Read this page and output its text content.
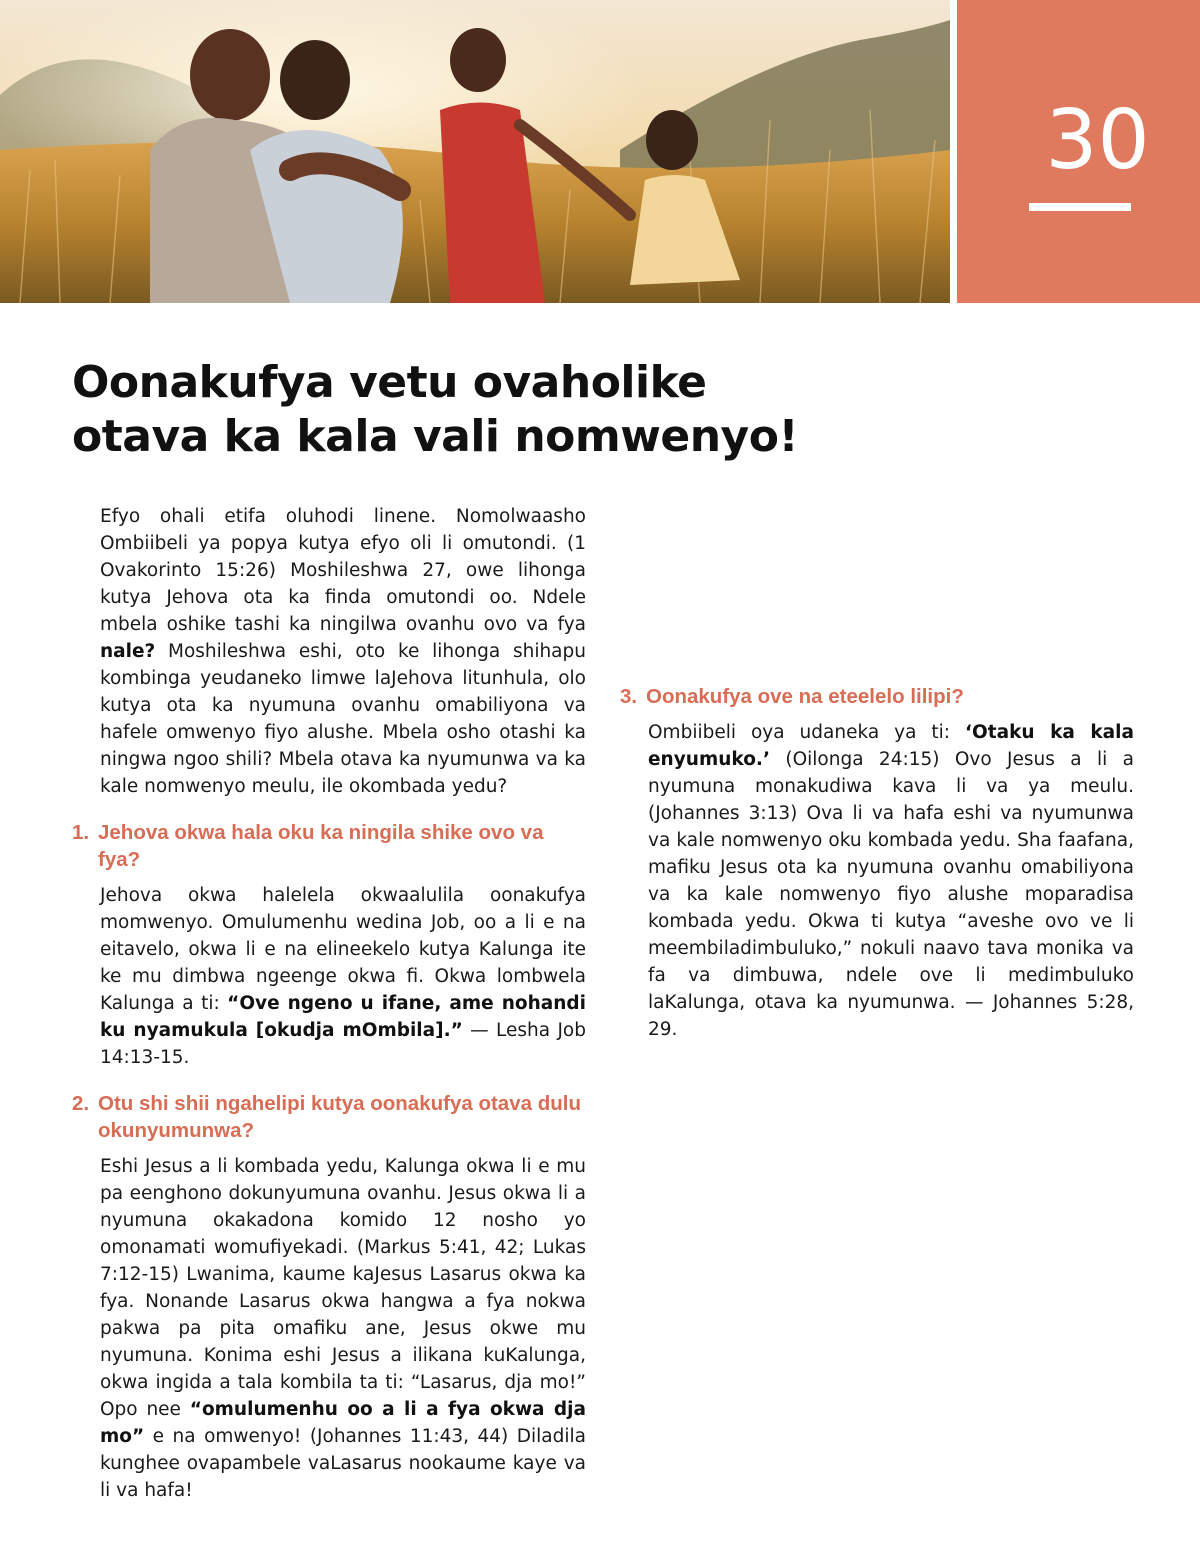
30
Oonakufya vetu ovaholike
otava ka kala vali nomwenyo!

Efyo ohali etifa oluhodi linene. Nomolwaasho Ombiibeli ya popya kutya efyo oli li omutondi. (1 Ovakorinto 15:26) Moshileshwa 27, owe lihonga kutya Jehova ota ka finda omutondi oo. Ndele mbela oshike tashi ka ningilwa ovanhu ovo va fya nale? Moshileshwa eshi, oto ke lihonga shihapu kombinga yeudaneko limwe laJehova litunhula, olo kutya ota ka nyumuna ovanhu omabiliyona va hafele omwenyo fiyo alushe. Mbela osho otashi ka ningwa ngoo shili? Mbela otava ka nyumunwa va ka kale nomwenyo meulu, ile okombada yedu?

1. Jehova okwa hala oku ka ningila shike ovo va fya?

Jehova okwa halelela okwaalulila oonakufya momwenyo. Omulumenhu wedina Job, oo a li e na eitavelo, okwa li e na elineekelo kutya Kalunga ite ke mu dimbwa ngeenge okwa fi. Okwa lombwela Kalunga a ti: “Ove ngeno u ifane, ame nohandi ku nyamukula [okudja mOmbila].” — Lesha Job 14:13-15.

2. Otu shi shii ngahelipi kutya oonakufya otava dulu okunyumunwa?

Eshi Jesus a li kombada yedu, Kalunga okwa li e mu pa eenghono dokunyumuna ovanhu. Jesus okwa li a nyumuna okakadona komido 12 nosho yo omonamati womufiyekadi. (Markus 5:41, 42; Lukas 7:12-15) Lwanima, kaume kaJesus Lasarus okwa ka fya. Nonande Lasarus okwa hangwa a fya nokwa pakwa pa pita omafiku ane, Jesus okwe mu nyumuna. Konima eshi Jesus a ilikana kuKalunga, okwa ingida a tala kombila ta ti: “Lasarus, dja mo!” Opo nee “omulumenhu oo a li a fya okwa dja mo” e na omwenyo! (Johannes 11:43, 44) Diladila kunghee ovapambele vaLasarus nookaume kaye va li va hafa!

3. Oonakufya ove na eteelelo lilipi?

Ombiibeli oya udaneka ya ti: ‘Otaku ka kala enyumuko.’ (Oilonga 24:15) Ovo Jesus a li a nyumuna monakudiwa kava li va ya meulu. (Johannes 3:13) Ova li va hafa eshi va nyumunwa va kale nomwenyo oku kombada yedu. Sha faafana, mafiku Jesus ota ka nyumuna ovanhu omabiliyona va ka kale nomwenyo fiyo alushe moparadisa kombada yedu. Okwa ti kutya “aveshe ovo ve li meembiladimbuluko,” nokuli naavo tava monika va fa va dimbuwa, ndele ove li medimbuluko laKalunga, otava ka nyumunwa. — Johannes 5:28, 29.
